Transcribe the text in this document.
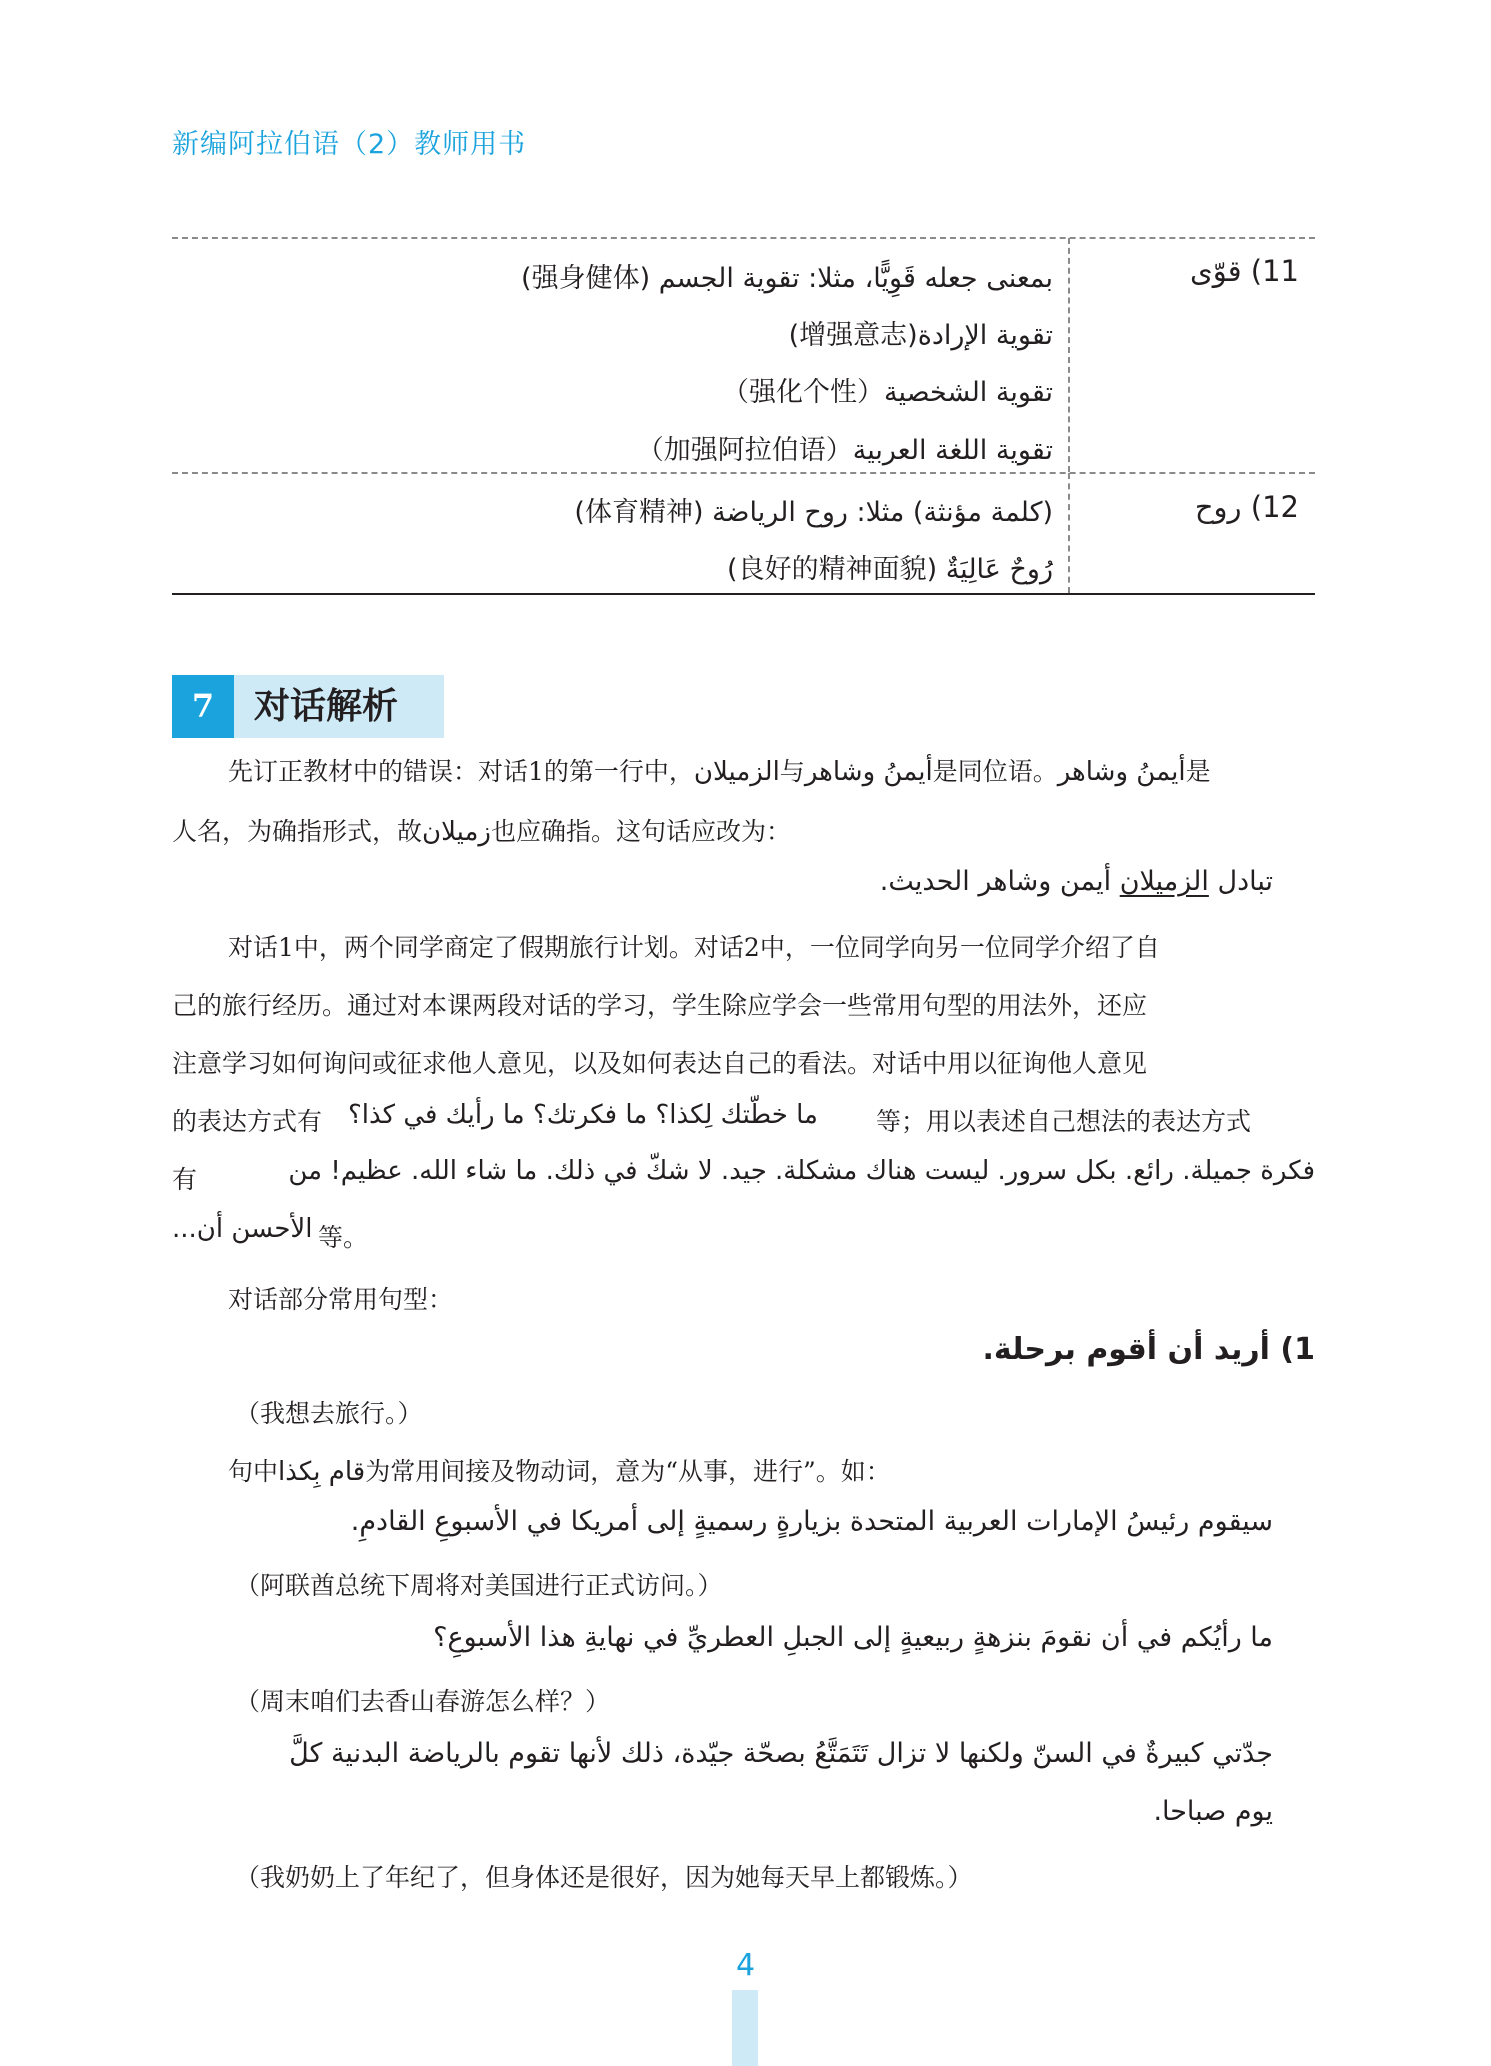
新编阿拉伯语（2）教师用书
11) قوّى
بمعنى جعله قَوِيًّا، مثلا: تقوية الجسم (强身健体)
تقوية الإرادة(增强意志)
تقوية الشخصية（强化个性）
تقوية اللغة العربية（加强阿拉伯语）
12) روح
(كلمة مؤنثة) مثلا: روح الرياضة (体育精神)
رُوحٌ عَالِيَةٌ (良好的精神面貌)
7	对话解析
先订正教材中的错误：对话1的第一行中，الزميلان与أيمنُ وشاهر是同位语。أيمنُ وشاهر是
人名，为确指形式，故زميلان也应确指。这句话应改为：
تبادل الزميلان أيمن وشاهر الحديث.
对话1中，两个同学商定了假期旅行计划。对话2中，一位同学向另一位同学介绍了自
己的旅行经历。通过对本课两段对话的学习，学生除应学会一些常用句型的用法外，还应
注意学习如何询问或征求他人意见，以及如何表达自己的看法。对话中用以征询他人意见
的表达方式有 ما خطّتك لِكذا؟ ما فكرتك؟ ما رأيك في كذا؟ 等；用以表述自己想法的表达方式
有	فكرة جميلة. رائع. بكل سرور. ليست هناك مشكلة. جيد. لا شكّ في ذلك. ما شاء الله. عظيم! من
الأحسن أن... 等。
对话部分常用句型：
1) أريد أن أقوم برحلة.
（我想去旅行。）
句中قام بِكذا为常用间接及物动词，意为“从事，进行”。如：
سيقوم رئيسُ الإمارات العربية المتحدة بزيارةٍ رسميةٍ إلى أمريكا في الأسبوعِ القادمِ.
（阿联酋总统下周将对美国进行正式访问。）
ما رأيُكم في أن نقومَ بنزهةٍ ربيعيةٍ إلى الجبلِ العطريِّ في نهايةِ هذا الأسبوعِ؟
（周末咱们去香山春游怎么样？）
جدّتي كبيرةٌ في السنّ ولكنها لا تزال تَتَمَتَّعُ بصحّة جيّدة، ذلك لأنها تقوم بالرياضة البدنية كلَّ
يوم صباحا.
（我奶奶上了年纪了，但身体还是很好，因为她每天早上都锻炼。）
4
